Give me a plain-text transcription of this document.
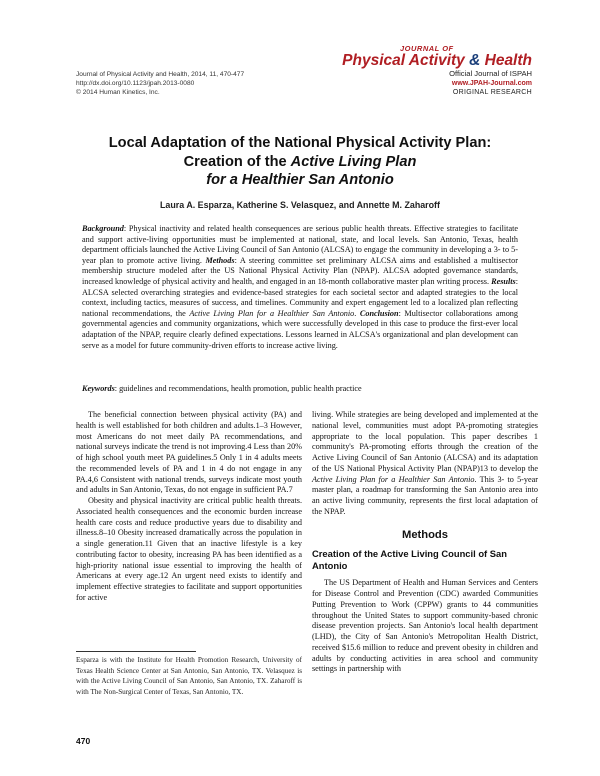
Journal of Physical Activity and Health, 2014, 11, 470-477
http://dx.doi.org/10.1123/jpah.2013-0080
© 2014 Human Kinetics, Inc.
JOURNAL OF
Physical Activity & Health
Official Journal of ISPAH
www.JPAH-Journal.com
ORIGINAL RESEARCH
Local Adaptation of the National Physical Activity Plan:
Creation of the Active Living Plan
for a Healthier San Antonio
Laura A. Esparza, Katherine S. Velasquez, and Annette M. Zaharoff

Background: Physical inactivity and related health consequences are serious public health threats. Effective strategies to facilitate and support active-living opportunities must be implemented at national, state, and local levels. San Antonio, Texas, health department officials launched the Active Living Council of San Antonio (ALCSA) to engage the community in developing a 3- to 5-year plan to promote active living. Methods: A steering committee set preliminary ALCSA aims and established a multisector membership structure modeled after the US National Physical Activity Plan (NPAP). ALCSA adopted governance standards, increased knowledge of physical activity and health, and engaged in an 18-month collaborative master plan writing process. Results: ALCSA selected overarching strategies and evidence-based strategies for each societal sector and adapted strategies to the local context, including tactics, measures of success, and timelines. Community and expert engagement led to a localized plan reflecting national recommendations, the Active Living Plan for a Healthier San Antonio. Conclusion: Multisector collaborations among governmental agencies and community organizations, which were successfully developed in this case to produce the first-ever local adaptation of the NPAP, require clearly defined expectations. Lessons learned in ALCSA's organizational and plan development can serve as a model for future community-driven efforts to increase active living.

Keywords: guidelines and recommendations, health promotion, public health practice

The beneficial connection between physical activity (PA) and health is well established for both children and adults.1–3 However, most Americans do not meet daily PA recommendations, and national surveys indicate the trend is not improving.4 Less than 20% of high school youth meet PA guidelines.5 Only 1 in 4 adults meets the recommended levels of PA and 1 in 4 do not engage in any PA.4,6 Consistent with national trends, surveys indicate most youth and adults in San Antonio, Texas, do not engage in sufficient PA.7

Obesity and physical inactivity are critical public health threats. Associated health consequences and the economic burden increase health care costs and reduce productive years due to disability and illness.8–10 Obesity increased dramatically across the population in a single generation.11 Given that an inactive lifestyle is a key contributing factor to obesity, increasing PA has been identified as a high-priority national issue essential to improving the health of Americans at every age.12 An urgent need exists to identify and implement effective strategies to facilitate and support opportunities for active

living. While strategies are being developed and implemented at the national level, communities must adopt PA-promoting strategies appropriate to the local population. This paper describes 1 community's PA-promoting efforts through the creation of the Active Living Council of San Antonio (ALCSA) and its adaptation of the US National Physical Activity Plan (NPAP)13 to develop the Active Living Plan for a Healthier San Antonio. This 3- to 5-year master plan, a roadmap for transforming the San Antonio area into an active living community, represents the first local adaptation of the NPAP.

Methods
Creation of the Active Living Council of San Antonio

The US Department of Health and Human Services and Centers for Disease Control and Prevention (CDC) awarded Communities Putting Prevention to Work (CPPW) grants to 44 communities throughout the United States to support community-based chronic disease prevention projects. San Antonio's local health department (LHD), the City of San Antonio's Metropolitan Health District, received $15.6 million to reduce and prevent obesity in children and adults by conducting activities in area school and community settings in partnership with

Esparza is with the Institute for Health Promotion Research, University of Texas Health Science Center at San Antonio, San Antonio, TX. Velasquez is with the Active Living Council of San Antonio, San Antonio, TX. Zaharoff is with The Non-Surgical Center of Texas, San Antonio, TX.
470
